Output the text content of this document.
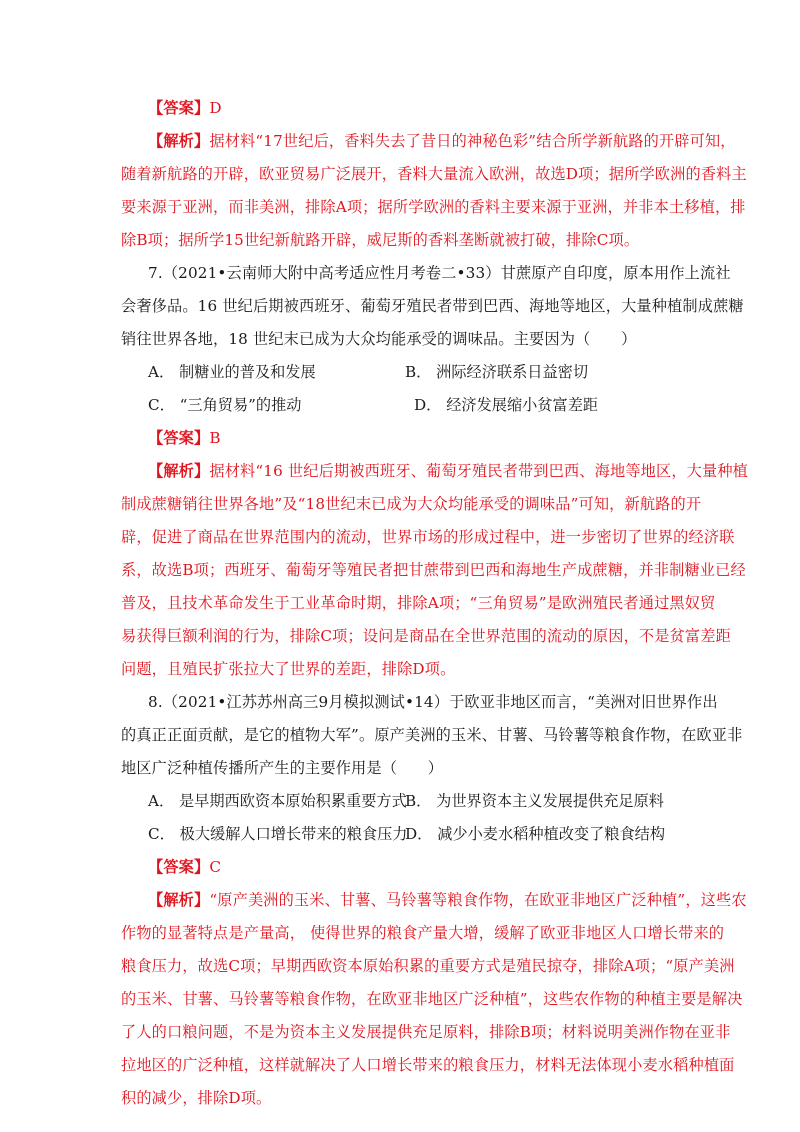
【答案】D
【解析】据材料“17世纪后，香料失去了昔日的神秘色彩”结合所学新航路的开辟可知，
随着新航路的开辟，欧亚贸易广泛展开，香料大量流入欧洲，故选D项；据所学欧洲的香料主
要来源于亚洲，而非美洲，排除A项；据所学欧洲的香料主要来源于亚洲，并非本土移植，排
除B项；据所学15世纪新航路开辟，威尼斯的香料垄断就被打破，排除C项。
7.（2021•云南师大附中高考适应性月考卷二•33）甘蔗原产自印度，原本用作上流社
会奢侈品。16 世纪后期被西班牙、葡萄牙殖民者带到巴西、海地等地区，大量种植制成蔗糖
销往世界各地，18 世纪末已成为大众均能承受的调味品。主要因为（　　）
A． 制糖业的普及和发展	B． 洲际经济联系日益密切
C． “三角贸易”的推动	D． 经济发展缩小贫富差距
【答案】B
【解析】据材料“16 世纪后期被西班牙、葡萄牙殖民者带到巴西、海地等地区，大量种植
制成蔗糖销往世界各地”及“18世纪末已成为大众均能承受的调味品”可知，新航路的开
辟，促进了商品在世界范围内的流动，世界市场的形成过程中，进一步密切了世界的经济联
系，故选B项；西班牙、葡萄牙等殖民者把甘蔗带到巴西和海地生产成蔗糖，并非制糖业已经
普及，且技术革命发生于工业革命时期，排除A项；“三角贸易”是欧洲殖民者通过黑奴贸
易获得巨额利润的行为，排除C项；设问是商品在全世界范围的流动的原因，不是贫富差距
问题，且殖民扩张拉大了世界的差距，排除D项。
8.（2021•江苏苏州高三9月模拟测试•14）于欧亚非地区而言，“美洲对旧世界作出
的真正正面贡献，是它的植物大军”。原产美洲的玉米、甘薯、马铃薯等粮食作物，在欧亚非
地区广泛种植传播所产生的主要作用是（　　）
A． 是早期西欧资本原始积累重要方式
B． 为世界资本主义发展提供充足原料
C． 极大缓解人口增长带来的粮食压力
D． 减少小麦水稻种植改变了粮食结构
【答案】C
【解析】“原产美洲的玉米、甘薯、马铃薯等粮食作物，在欧亚非地区广泛种植”，这些农
作物的显著特点是产量高， 使得世界的粮食产量大增，缓解了欧亚非地区人口增长带来的
粮食压力，故选C项；早期西欧资本原始积累的重要方式是殖民掠夺，排除A项；“原产美洲
的玉米、甘薯、马铃薯等粮食作物，在欧亚非地区广泛种植”，这些农作物的种植主要是解决
了人的口粮问题，不是为资本主义发展提供充足原料，排除B项；材料说明美洲作物在亚非
拉地区的广泛种植，这样就解决了人口增长带来的粮食压力，材料无法体现小麦水稻种植面
积的减少，排除D项。
